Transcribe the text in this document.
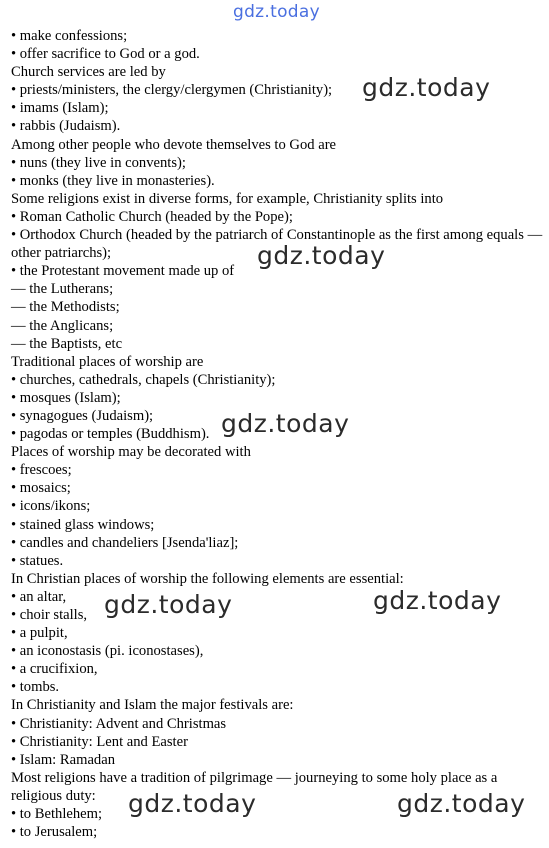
gdz.today
• make confessions;
• offer sacrifice to God or a god.
Church services are led by
• priests/ministers, the clergy/clergymen (Christianity);
• imams (Islam);
• rabbis (Judaism).
Among other people who devote themselves to God are
• nuns (they live in convents);
• monks (they live in monasteries).
Some religions exist in diverse forms, for example, Christianity splits into
• Roman Catholic Church (headed by the Pope);
• Orthodox Church (headed by the patriarch of Constantinople as the first among equals — other patriarchs);
• the Protestant movement made up of
— the Lutherans;
— the Methodists;
— the Anglicans;
— the Baptists, etc
Traditional places of worship are
• churches, cathedrals, chapels (Christianity);
• mosques (Islam);
• synagogues (Judaism);
• pagodas or temples (Buddhism).
Places of worship may be decorated with
• frescoes;
• mosaics;
• icons/ikons;
• stained glass windows;
• candles and chandeliers [Jsenda'liaz];
• statues.
In Christian places of worship the following elements are essential:
• an altar,
• choir stalls,
• a pulpit,
• an iconostasis (pi. iconostases),
• a crucifixion,
• tombs.
In Christianity and Islam the major festivals are:
• Christianity: Advent and Christmas
• Christianity: Lent and Easter
• Islam: Ramadan
Most religions have a tradition of pilgrimage — journeying to some holy place as a religious duty:
• to Bethlehem;
• to Jerusalem;
gdz.today
gdz.today
gdz.today
gdz.today	gdz.today
gdz.today	gdz.today
